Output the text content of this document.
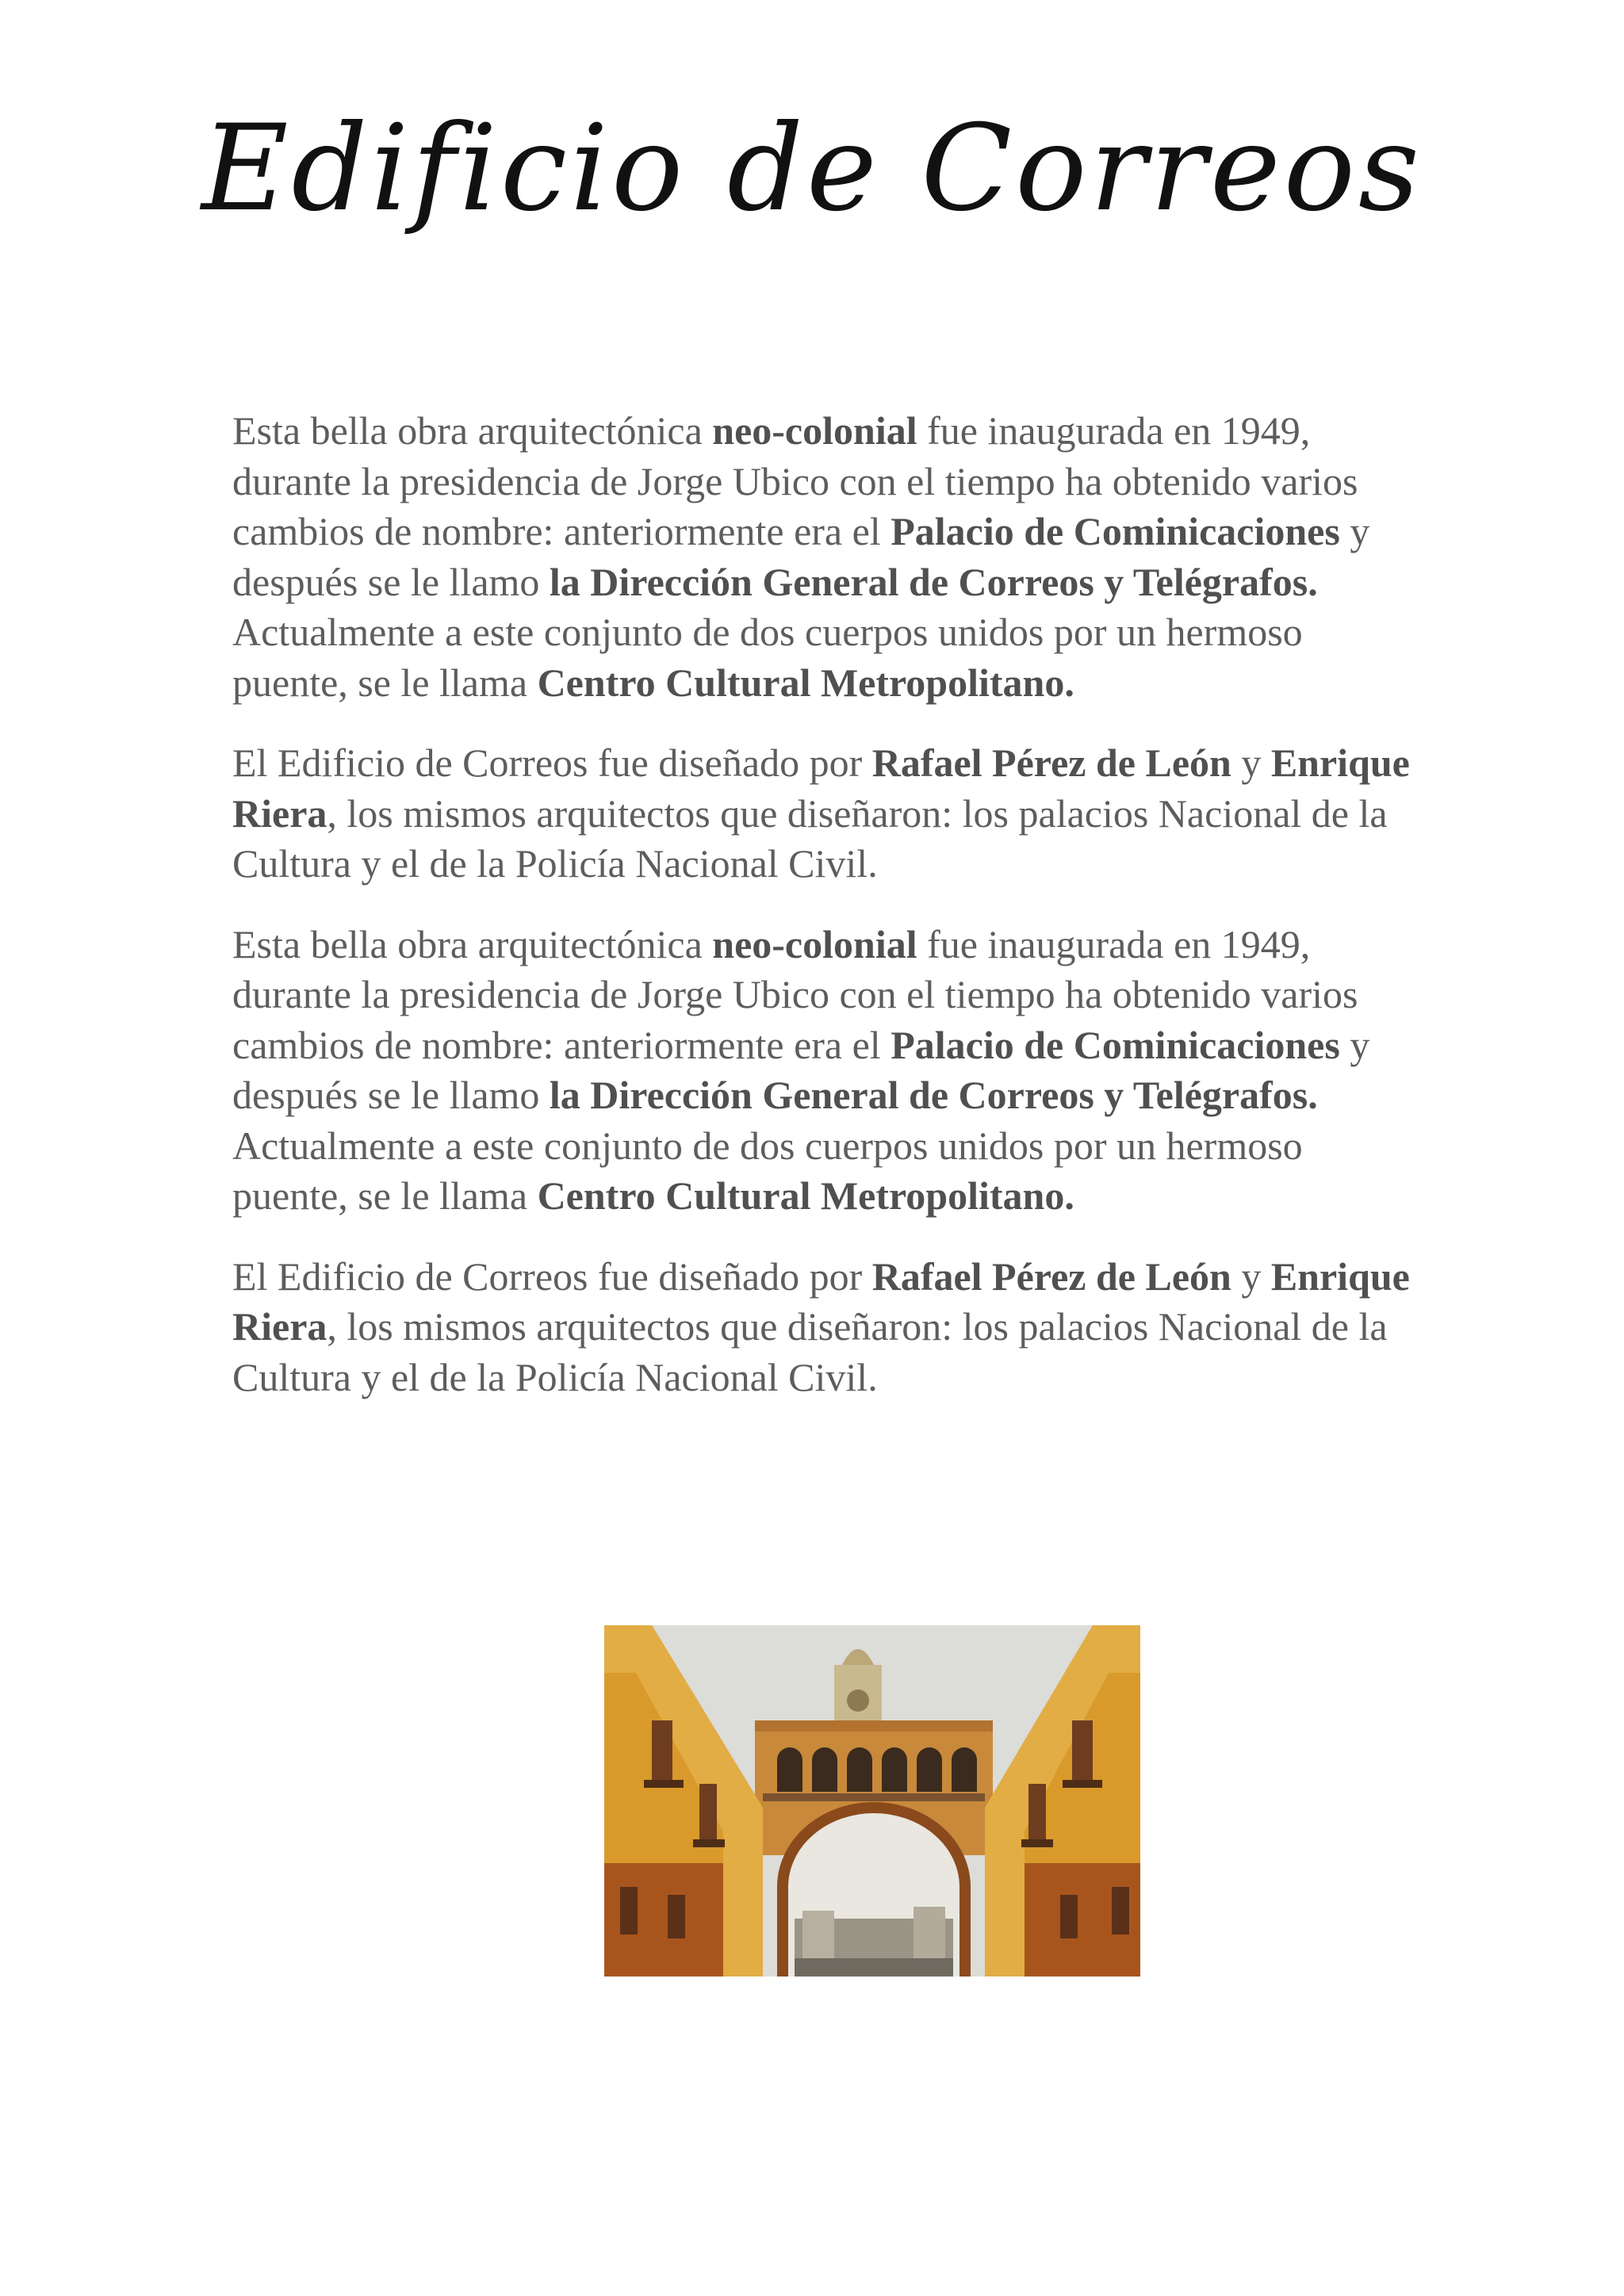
Edificio de Correos

Esta bella obra arquitectónica neo-colonial fue inaugurada en 1949, durante la presidencia de Jorge Ubico con el tiempo ha obtenido varios cambios de nombre: anteriormente era el Palacio de Cominicaciones y después se le llamo la Dirección General de Correos y Telégrafos. Actualmente a este conjunto de dos cuerpos unidos por un hermoso puente, se le llama Centro Cultural Metropolitano.

El Edificio de Correos fue diseñado por Rafael Pérez de León y Enrique Riera, los mismos arquitectos que diseñaron: los palacios Nacional de la Cultura y el de la Policía Nacional Civil.

Esta bella obra arquitectónica neo-colonial fue inaugurada en 1949, durante la presidencia de Jorge Ubico con el tiempo ha obtenido varios cambios de nombre: anteriormente era el Palacio de Cominicaciones y después se le llamo la Dirección General de Correos y Telégrafos. Actualmente a este conjunto de dos cuerpos unidos por un hermoso puente, se le llama Centro Cultural Metropolitano.

El Edificio de Correos fue diseñado por Rafael Pérez de León y Enrique Riera, los mismos arquitectos que diseñaron: los palacios Nacional de la Cultura y el de la Policía Nacional Civil.
